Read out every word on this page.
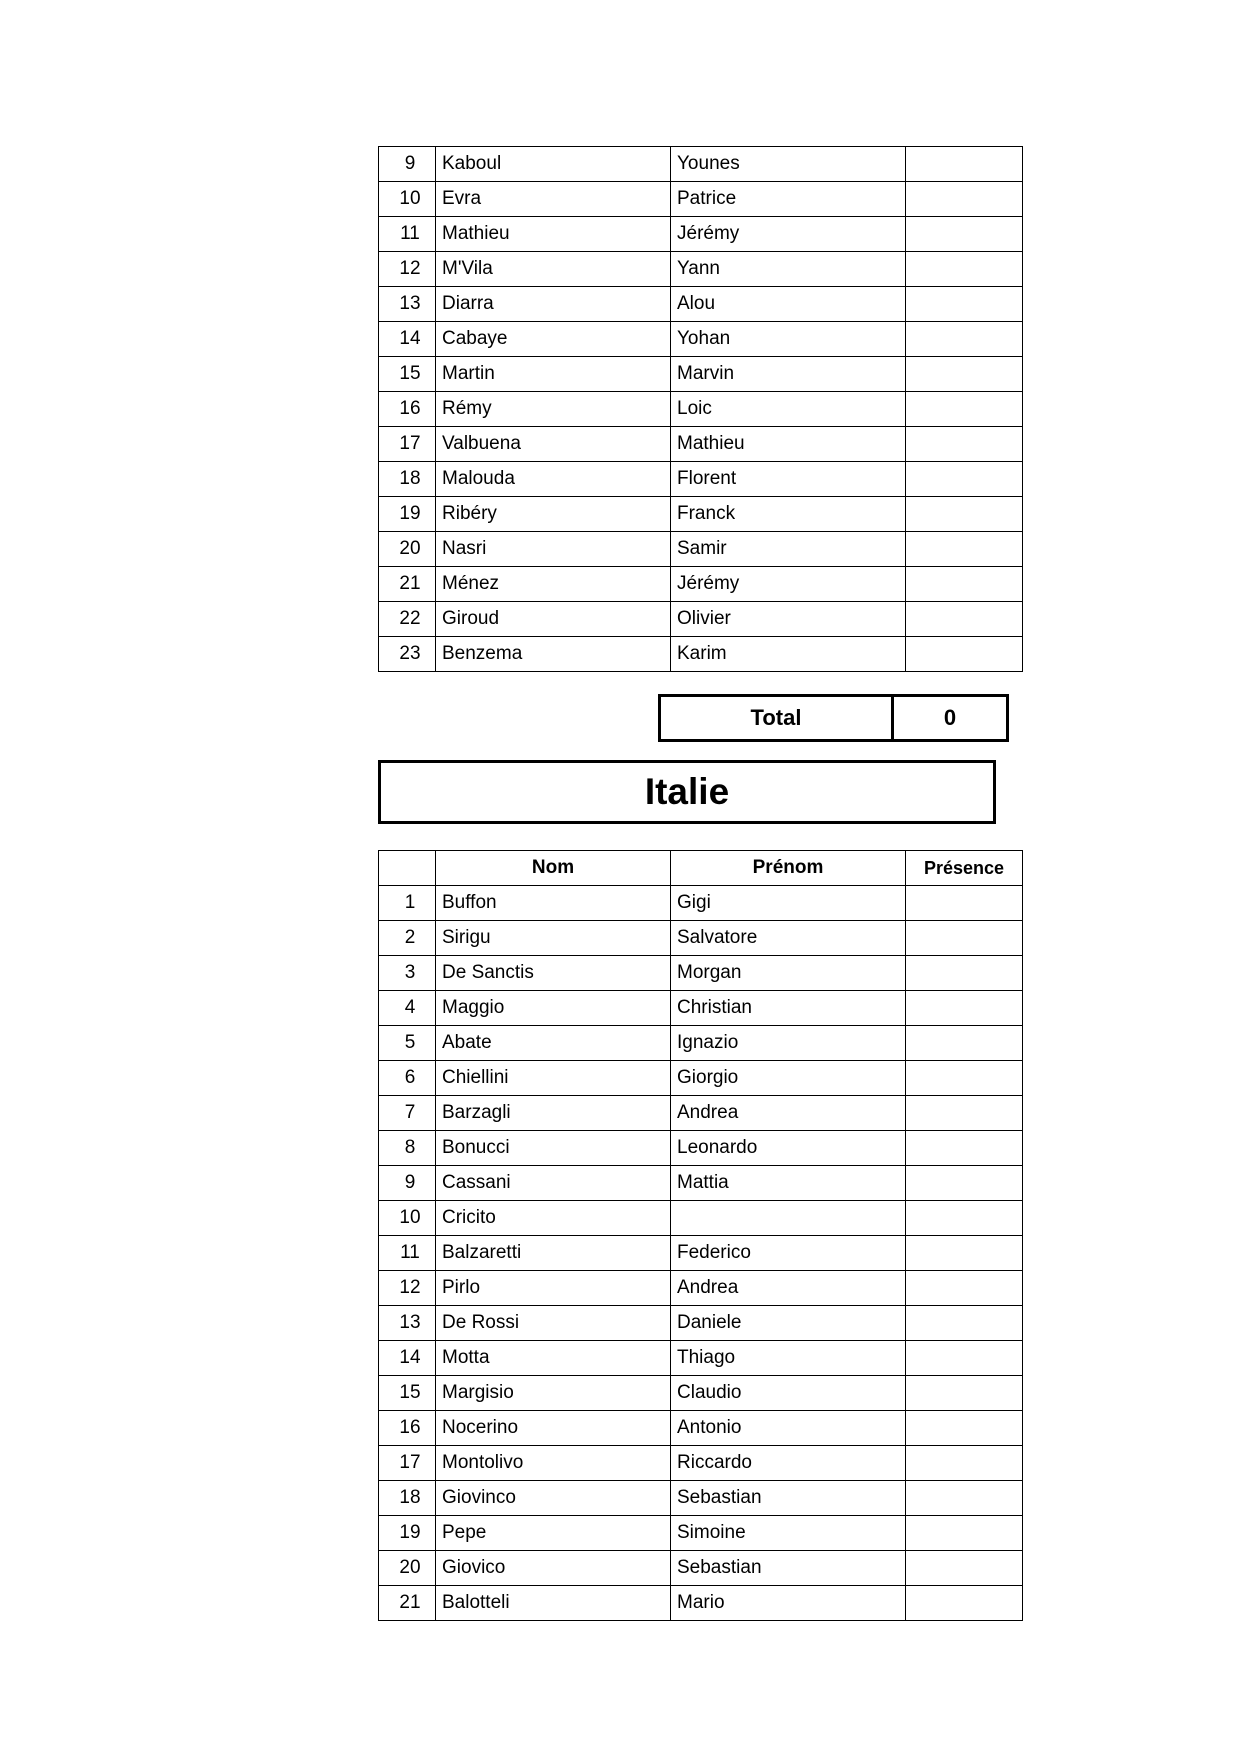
9	Kaboul	Younes	
10	Evra	Patrice	
11	Mathieu	Jérémy	
12	M'Vila	Yann	
13	Diarra	Alou	
14	Cabaye	Yohan	
15	Martin	Marvin	
16	Rémy	Loic	
17	Valbuena	Mathieu	
18	Malouda	Florent	
19	Ribéry	Franck	
20	Nasri	Samir	
21	Ménez	Jérémy	
22	Giroud	Olivier	
23	Benzema	Karim	
Total	0
Italie
	Nom	Prénom	Présence
1	Buffon	Gigi	
2	Sirigu	Salvatore	
3	De Sanctis	Morgan	
4	Maggio	Christian	
5	Abate	Ignazio	
6	Chiellini	Giorgio	
7	Barzagli	Andrea	
8	Bonucci	Leonardo	
9	Cassani	Mattia	
10	Cricito		
11	Balzaretti	Federico	
12	Pirlo	Andrea	
13	De Rossi	Daniele	
14	Motta	Thiago	
15	Margisio	Claudio	
16	Nocerino	Antonio	
17	Montolivo	Riccardo	
18	Giovinco	Sebastian	
19	Pepe	Simoine	
20	Giovico	Sebastian	
21	Balotteli	Mario	
